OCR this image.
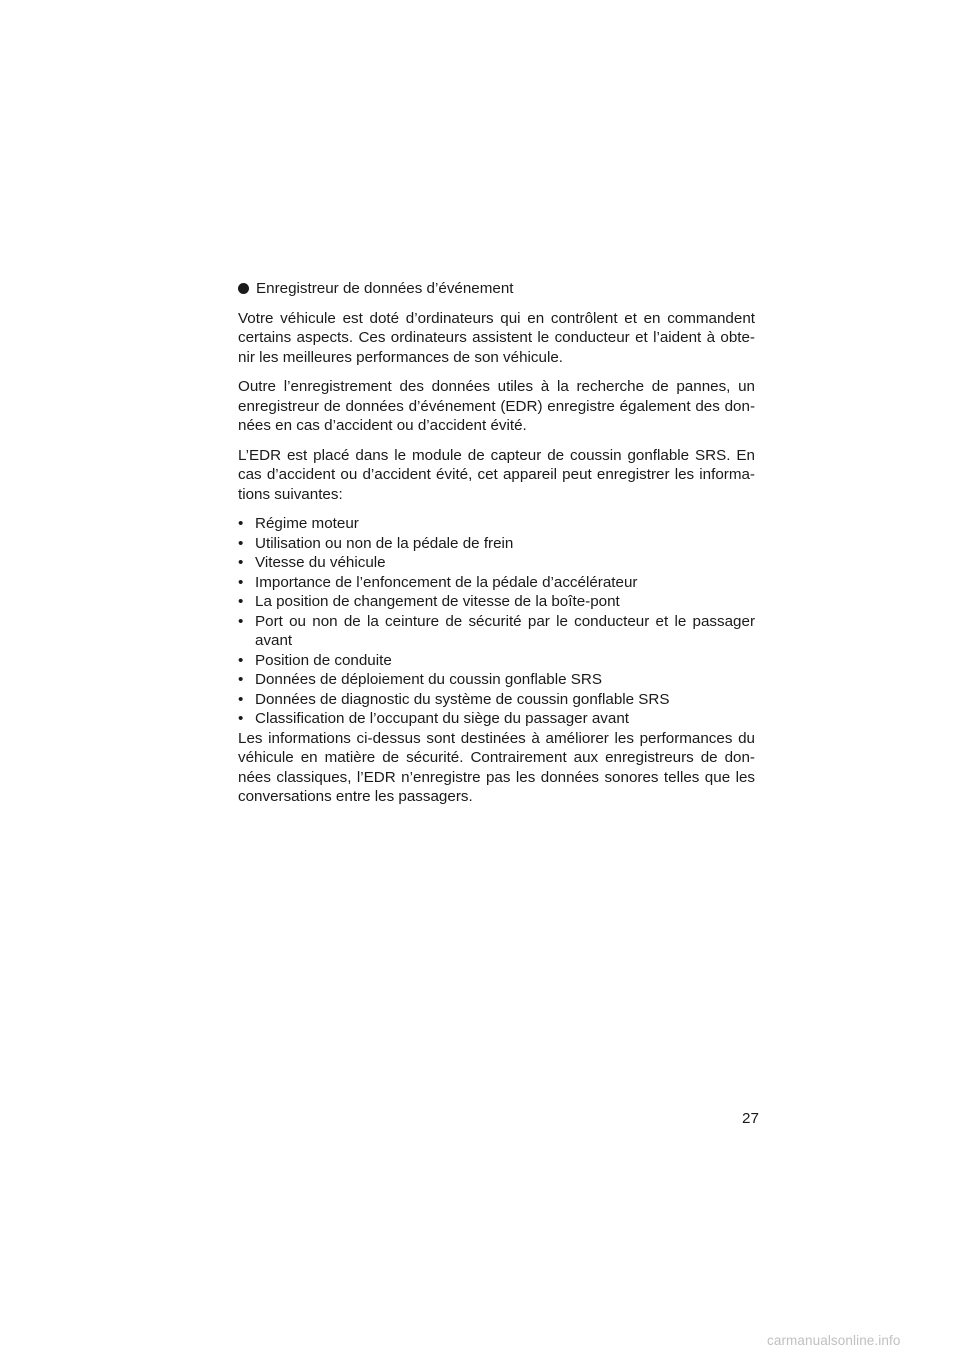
Enregistreur de données d’événement

Votre véhicule est doté d’ordinateurs qui en contrôlent et en commandent certains aspects. Ces ordinateurs assistent le conducteur et l’aident à obte-nir les meilleures performances de son véhicule.

Outre l’enregistrement des données utiles à la recherche de pannes, un enregistreur de données d’événement (EDR) enregistre également des don-nées en cas d’accident ou d’accident évité.

L’EDR est placé dans le module de capteur de coussin gonflable SRS. En cas d’accident ou d’accident évité, cet appareil peut enregistrer les informa-tions suivantes:

• Régime moteur
• Utilisation ou non de la pédale de frein
• Vitesse du véhicule
• Importance de l’enfoncement de la pédale d’accélérateur
• La position de changement de vitesse de la boîte-pont
• Port ou non de la ceinture de sécurité par le conducteur et le passager avant
• Position de conduite
• Données de déploiement du coussin gonflable SRS
• Données de diagnostic du système de coussin gonflable SRS
• Classification de l’occupant du siège du passager avant

Les informations ci-dessus sont destinées à améliorer les performances du véhicule en matière de sécurité. Contrairement aux enregistreurs de don-nées classiques, l’EDR n’enregistre pas les données sonores telles que les conversations entre les passagers.

27
carmanualsonline.info
